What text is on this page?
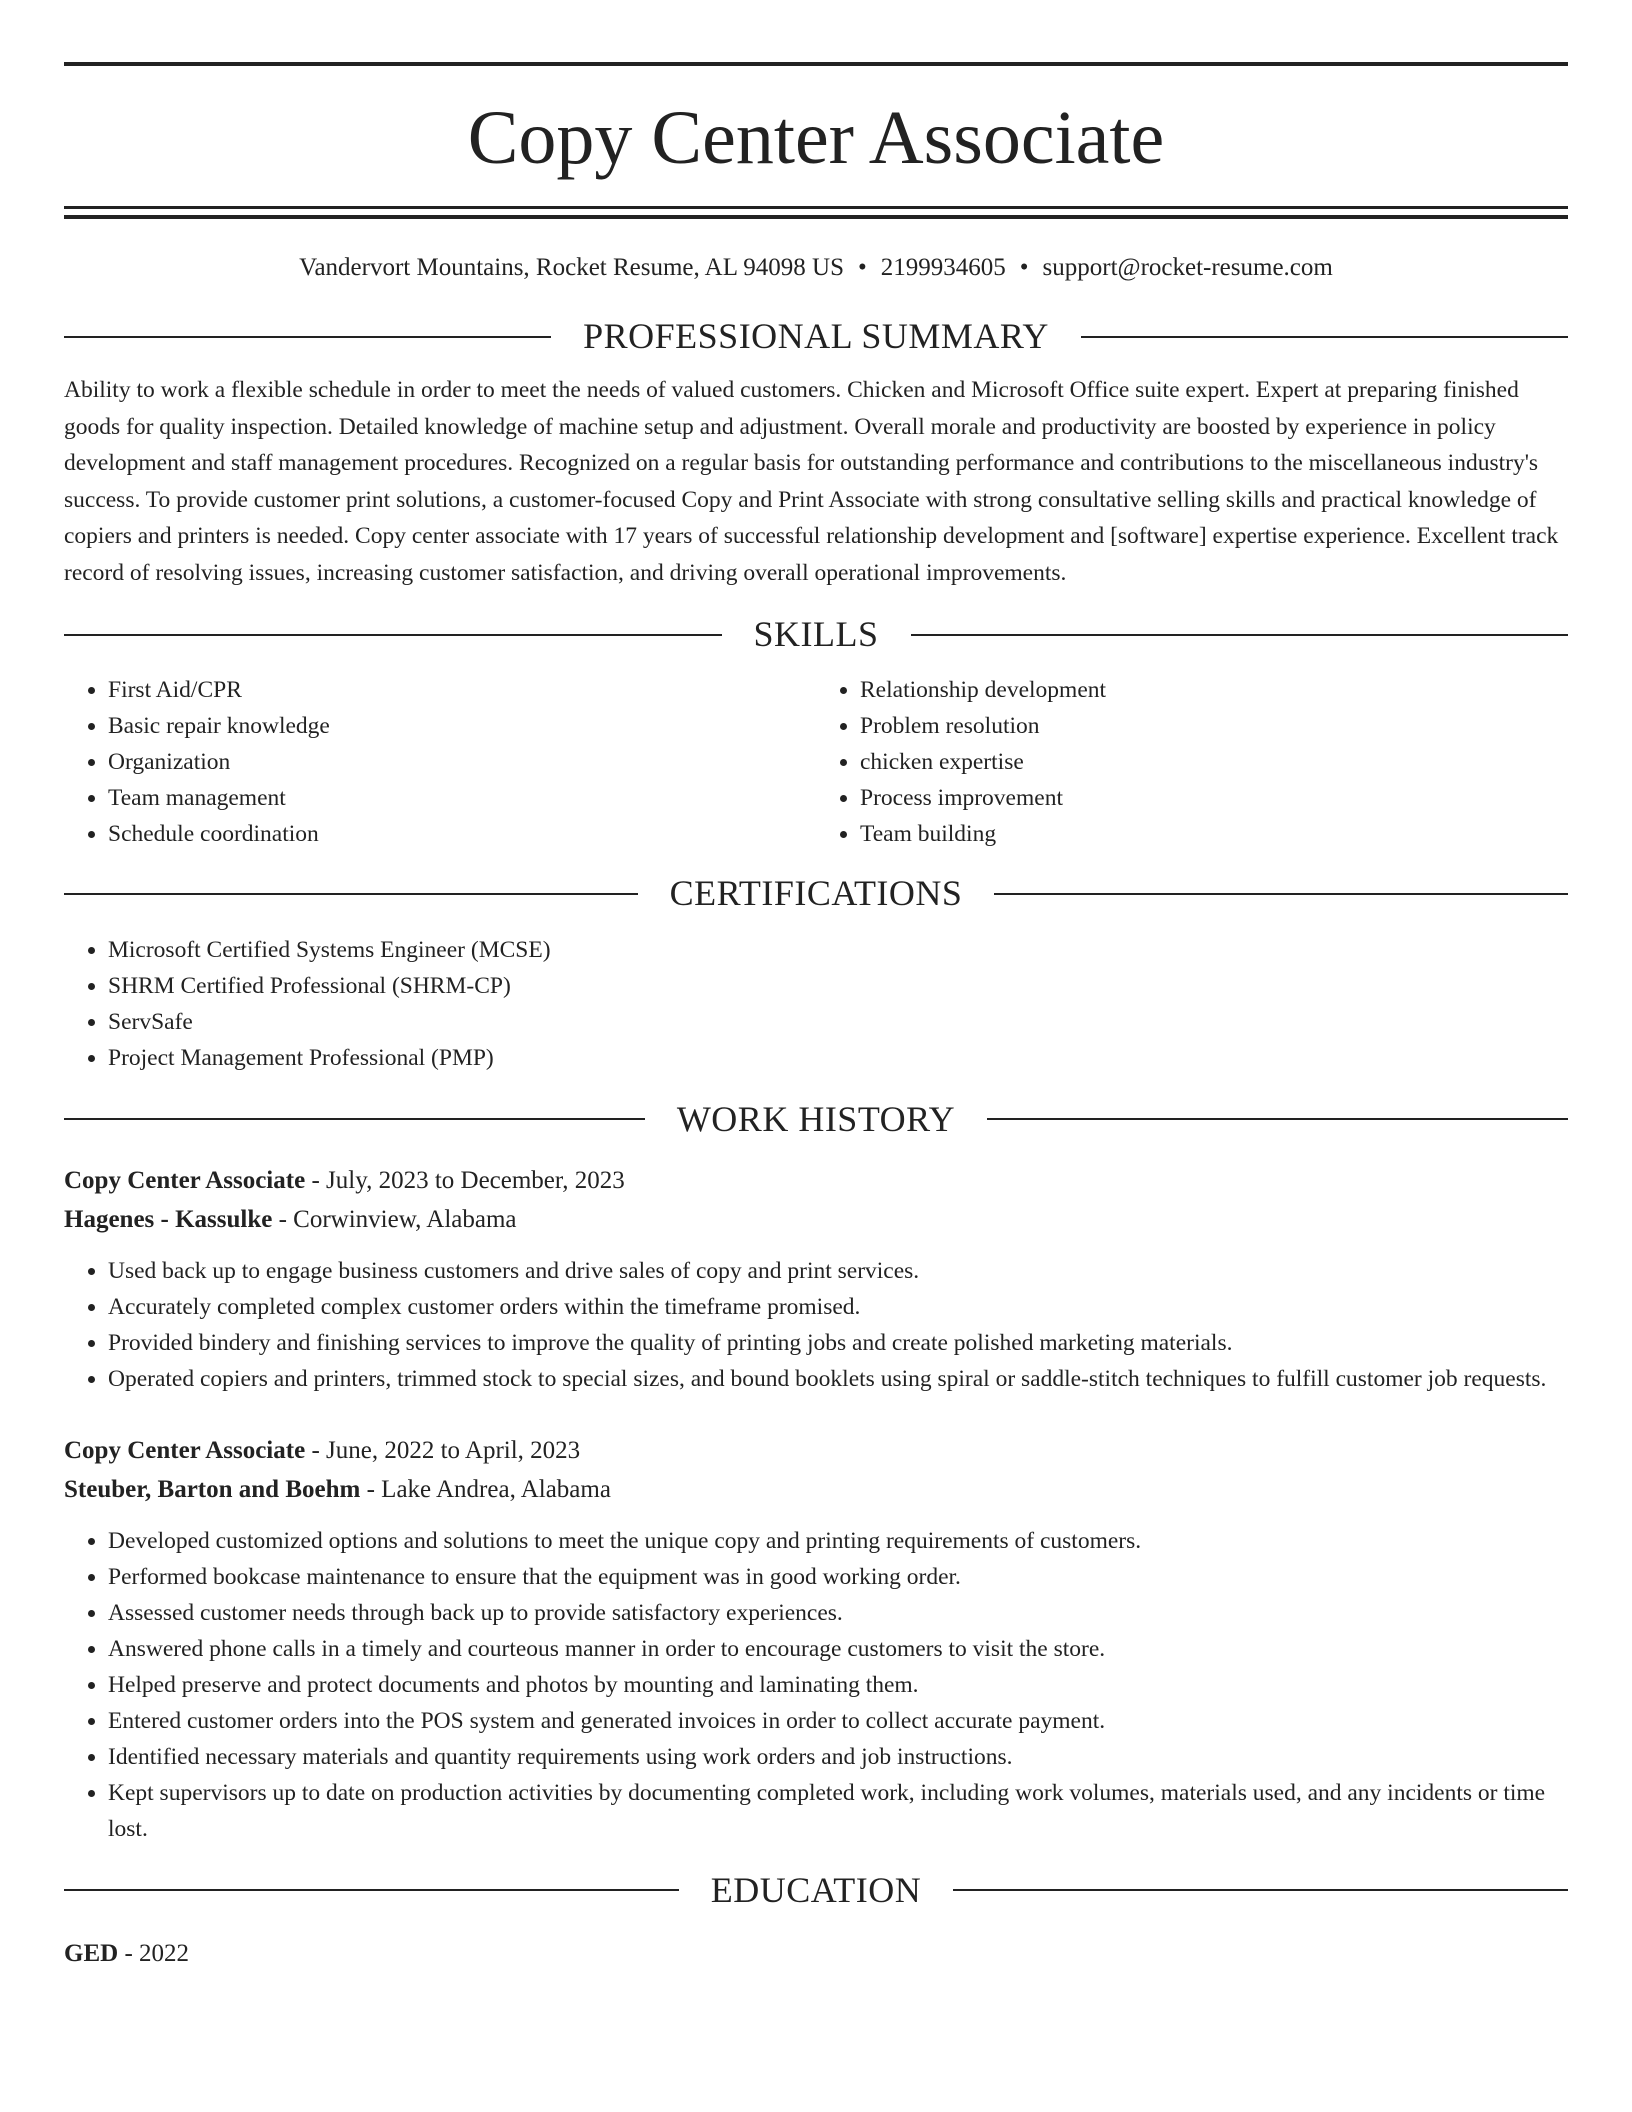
Copy Center Associate
Vandervort Mountains, Rocket Resume, AL 94098 US • 2199934605 • support@rocket-resume.com
PROFESSIONAL SUMMARY

Ability to work a flexible schedule in order to meet the needs of valued customers. Chicken and Microsoft Office suite expert. Expert at preparing finished goods for quality inspection. Detailed knowledge of machine setup and adjustment. Overall morale and productivity are boosted by experience in policy development and staff management procedures. Recognized on a regular basis for outstanding performance and contributions to the miscellaneous industry's success. To provide customer print solutions, a customer-focused Copy and Print Associate with strong consultative selling skills and practical knowledge of copiers and printers is needed. Copy center associate with 17 years of successful relationship development and [software] expertise experience. Excellent track record of resolving issues, increasing customer satisfaction, and driving overall operational improvements.

SKILLS
• First Aid/CPR
• Basic repair knowledge
• Organization
• Team management
• Schedule coordination
• Relationship development
• Problem resolution
• chicken expertise
• Process improvement
• Team building
CERTIFICATIONS
• Microsoft Certified Systems Engineer (MCSE)
• SHRM Certified Professional (SHRM-CP)
• ServSafe
• Project Management Professional (PMP)
WORK HISTORY
Copy Center Associate - July, 2023 to December, 2023
Hagenes - Kassulke - Corwinview, Alabama
• Used back up to engage business customers and drive sales of copy and print services.
• Accurately completed complex customer orders within the timeframe promised.
• Provided bindery and finishing services to improve the quality of printing jobs and create polished marketing materials.
• Operated copiers and printers, trimmed stock to special sizes, and bound booklets using spiral or saddle-stitch techniques to fulfill customer job requests.
Copy Center Associate - June, 2022 to April, 2023
Steuber, Barton and Boehm - Lake Andrea, Alabama
• Developed customized options and solutions to meet the unique copy and printing requirements of customers.
• Performed bookcase maintenance to ensure that the equipment was in good working order.
• Assessed customer needs through back up to provide satisfactory experiences.
• Answered phone calls in a timely and courteous manner in order to encourage customers to visit the store.
• Helped preserve and protect documents and photos by mounting and laminating them.
• Entered customer orders into the POS system and generated invoices in order to collect accurate payment.
• Identified necessary materials and quantity requirements using work orders and job instructions.
• Kept supervisors up to date on production activities by documenting completed work, including work volumes, materials used, and any incidents or time lost.
EDUCATION
GED - 2022
